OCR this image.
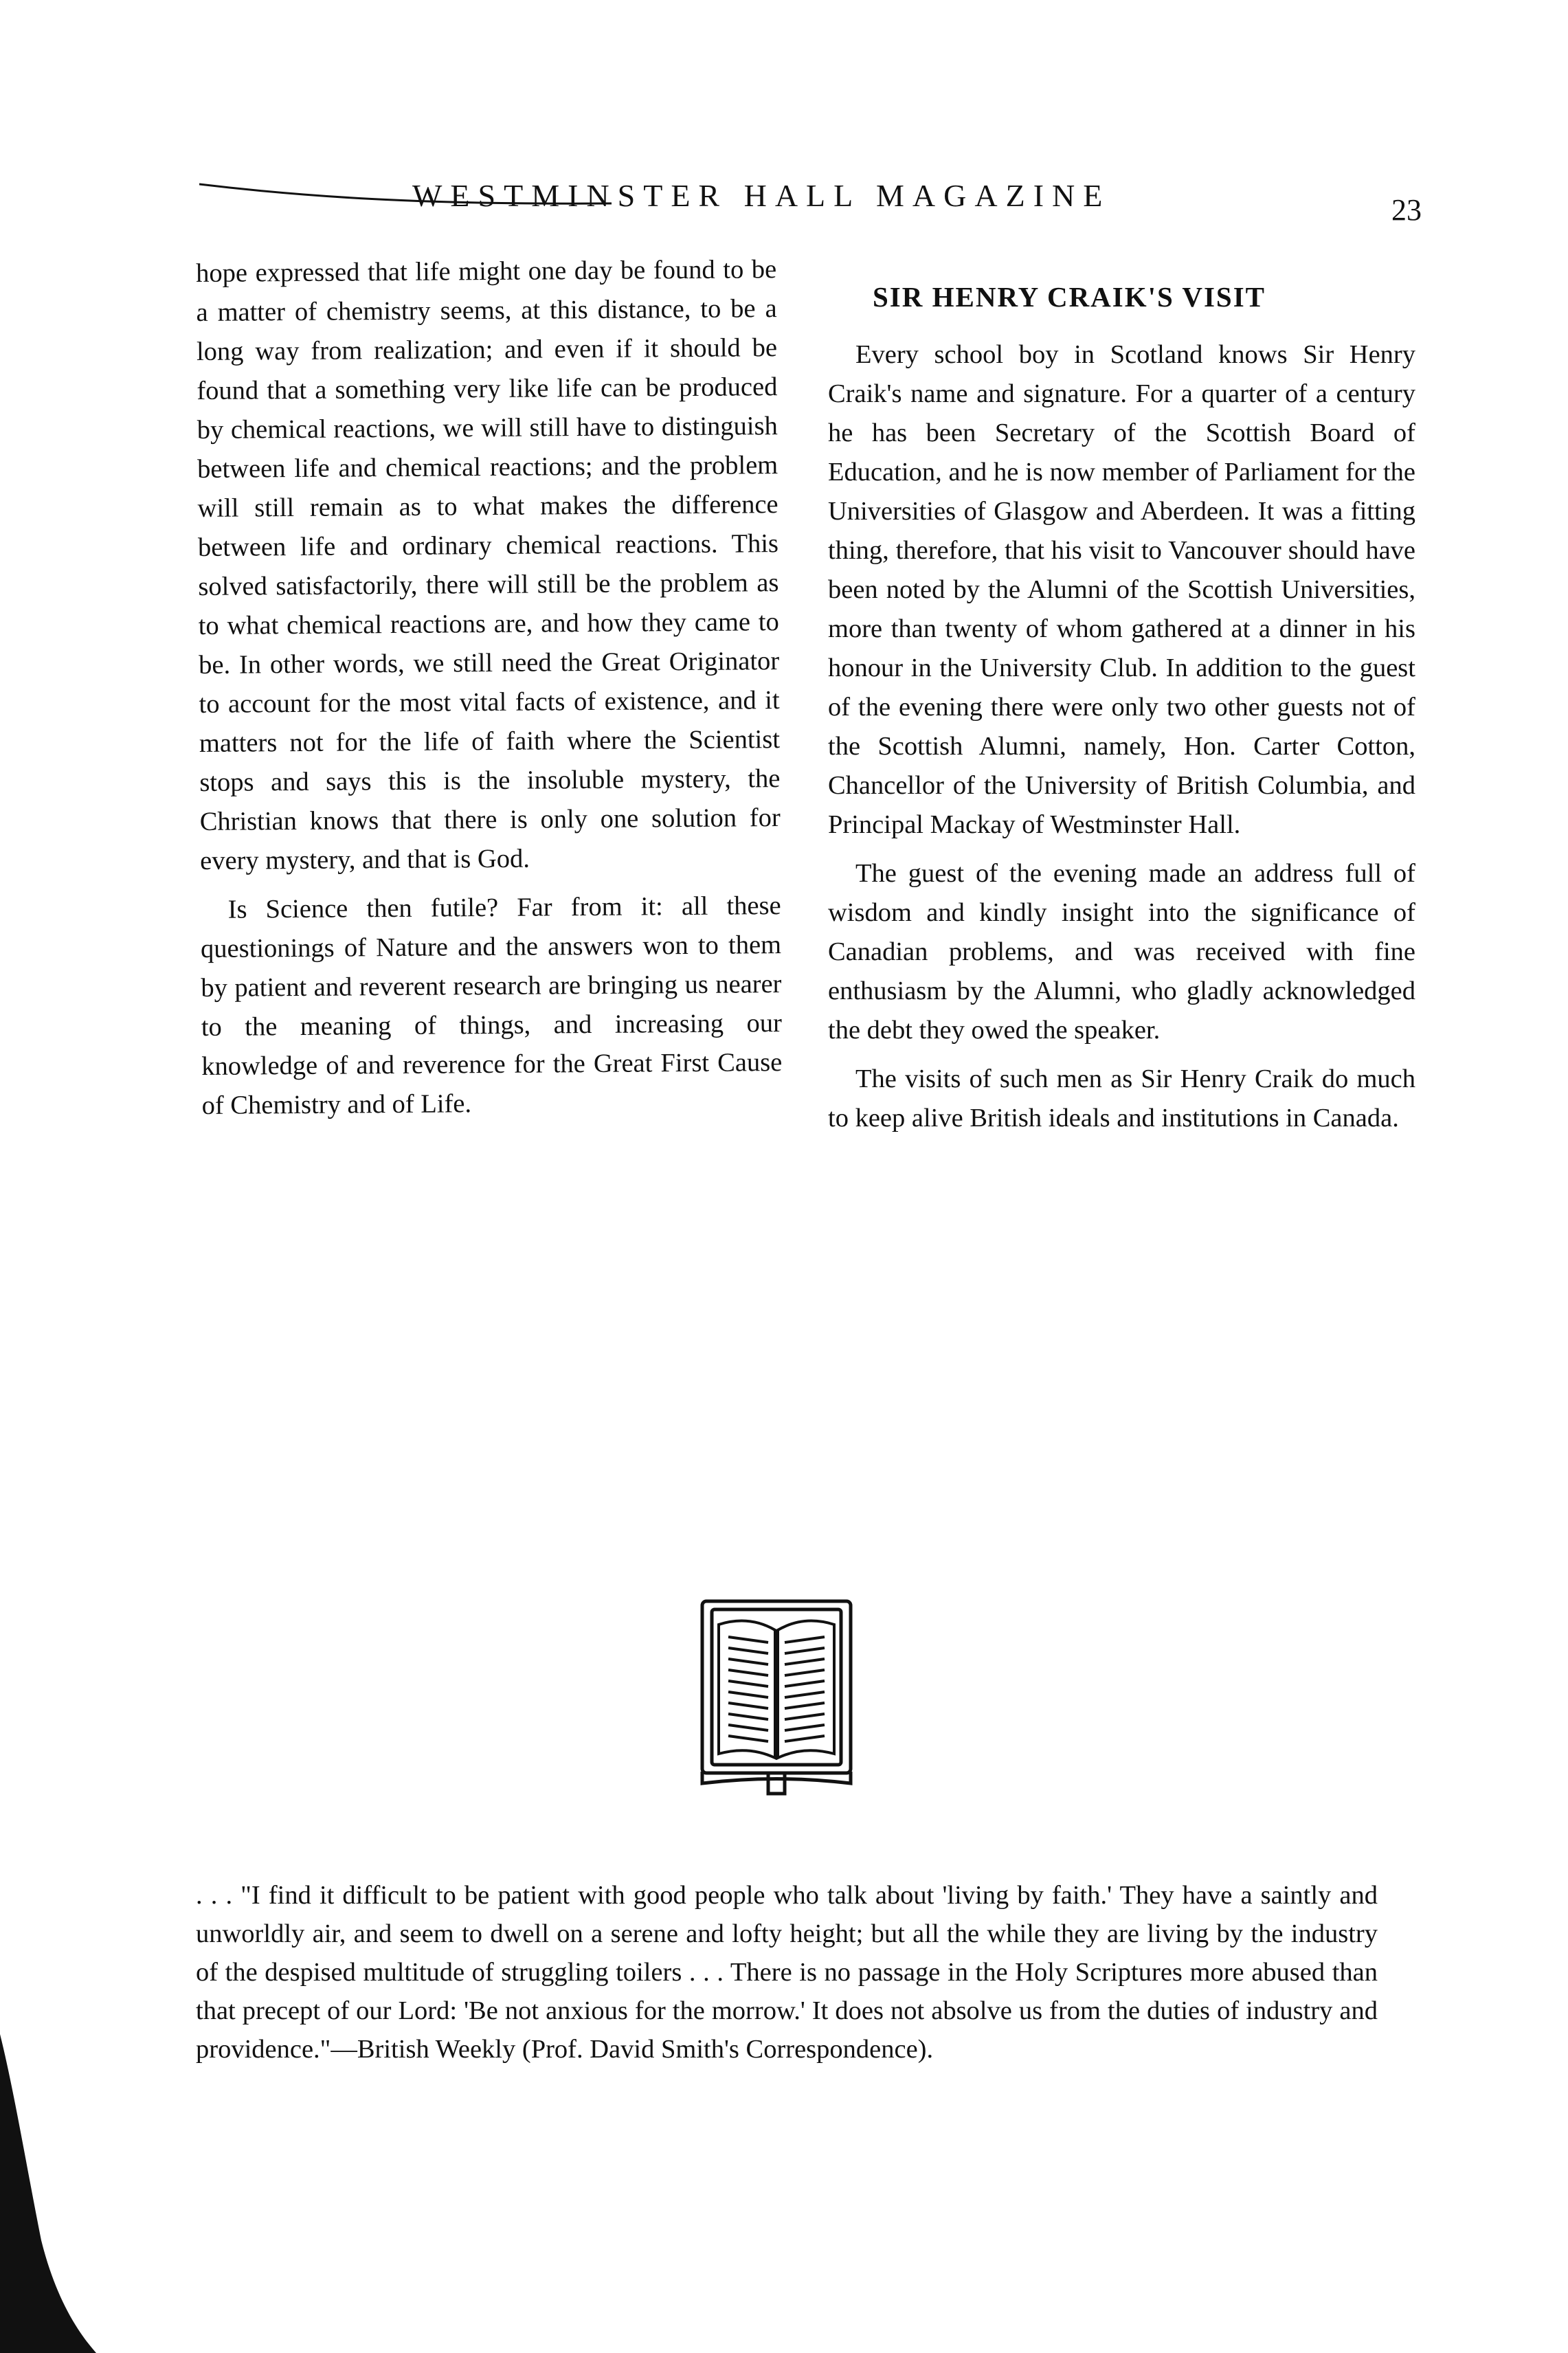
WESTMINSTER HALL MAGAZINE	23

hope expressed that life might one day be found to be a matter of chemistry seems, at this distance, to be a long way from realization; and even if it should be found that a something very like life can be produced by chemical reactions, we will still have to distinguish between life and chemical reactions; and the problem will still remain as to what makes the difference between life and ordinary chemical reactions. This solved satisfactorily, there will still be the problem as to what chemical reactions are, and how they came to be. In other words, we still need the Great Originator to account for the most vital facts of existence, and it matters not for the life of faith where the Scientist stops and says this is the insoluble mystery, the Christian knows that there is only one solution for every mystery, and that is God.

Is Science then futile? Far from it: all these questionings of Nature and the answers won to them by patient and reverent research are bringing us nearer to the meaning of things, and increasing our knowledge of and reverence for the Great First Cause of Chemistry and of Life.

SIR HENRY CRAIK'S VISIT

Every school boy in Scotland knows Sir Henry Craik's name and signature. For a quarter of a century he has been Secretary of the Scottish Board of Education, and he is now member of Parliament for the Universities of Glasgow and Aberdeen. It was a fitting thing, therefore, that his visit to Vancouver should have been noted by the Alumni of the Scottish Universities, more than twenty of whom gathered at a dinner in his honour in the University Club. In addition to the guest of the evening there were only two other guests not of the Scottish Alumni, namely, Hon. Carter Cotton, Chancellor of the University of British Columbia, and Principal Mackay of Westminster Hall.

The guest of the evening made an address full of wisdom and kindly insight into the significance of Canadian problems, and was received with fine enthusiasm by the Alumni, who gladly acknowledged the debt they owed the speaker.

The visits of such men as Sir Henry Craik do much to keep alive British ideals and institutions in Canada.

. . . "I find it difficult to be patient with good people who talk about 'living by faith.' They have a saintly and unworldly air, and seem to dwell on a serene and lofty height; but all the while they are living by the industry of the despised multitude of struggling toilers . . . There is no passage in the Holy Scriptures more abused than that precept of our Lord: 'Be not anxious for the morrow.' It does not absolve us from the duties of industry and providence."—British Weekly (Prof. David Smith's Correspondence).
